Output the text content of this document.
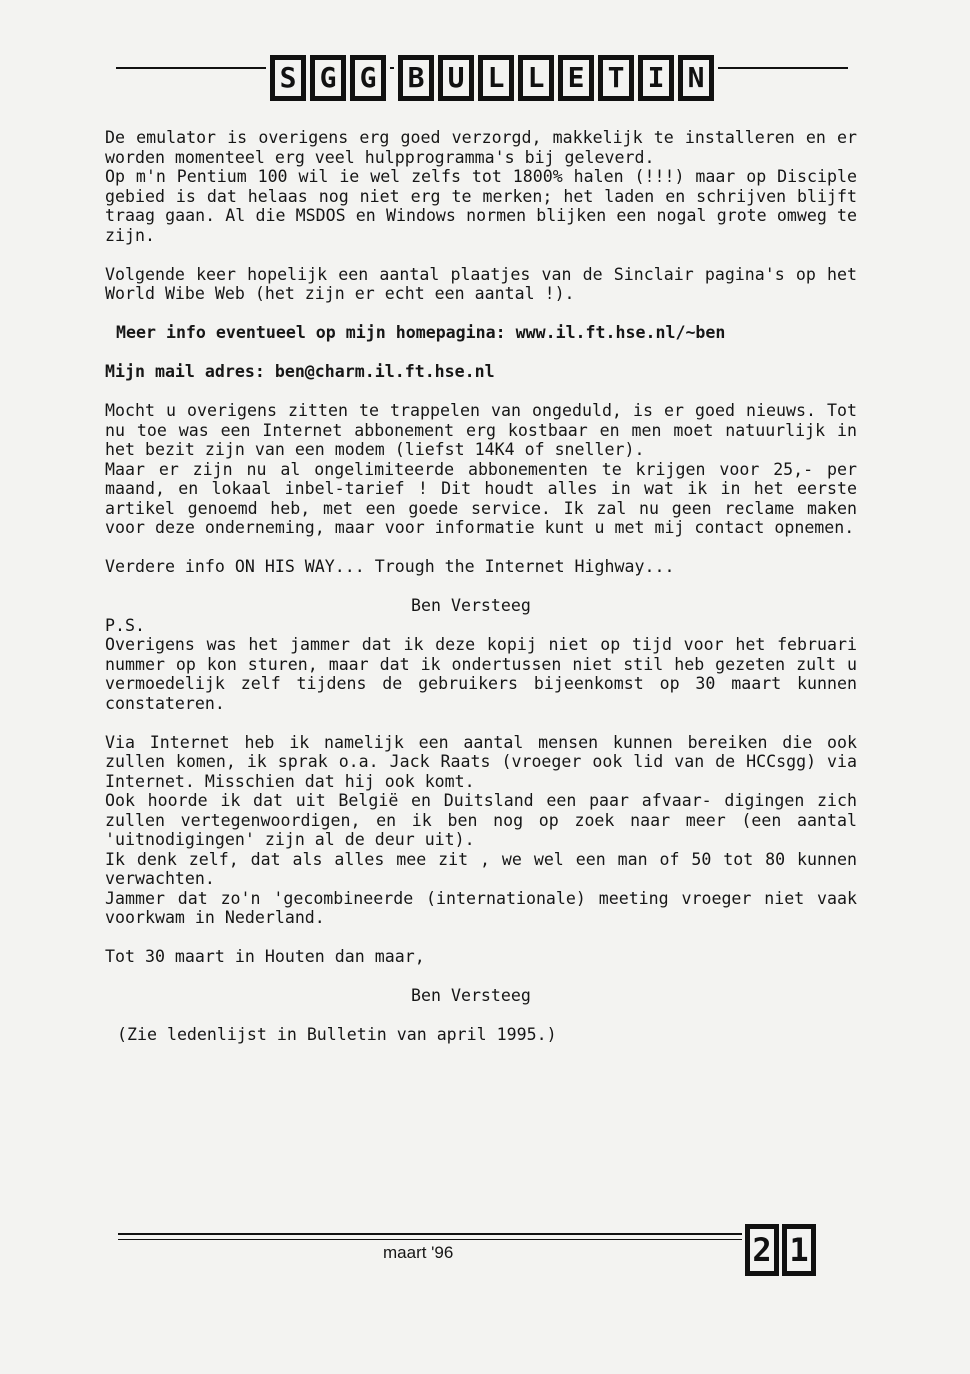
S G G	B U L L E T I N

De emulator is overigens erg goed verzorgd, makkelijk te installeren en er worden momenteel erg veel hulpprogramma's bij geleverd.

Op m'n Pentium 100 wil ie wel zelfs tot 1800% halen (!!!) maar op Disciple gebied is dat helaas nog niet erg te merken; het laden en schrijven blijft traag gaan. Al die MSDOS en Windows normen blijken een nogal grote omweg te zijn.

Volgende keer hopelijk een aantal plaatjes van de Sinclair pagina's op het World Wibe Web (het zijn er echt een aantal !).

Meer info eventueel op mijn homepagina: www.il.ft.hse.nl/~ben

Mijn mail adres: ben@charm.il.ft.hse.nl

Mocht u overigens zitten te trappelen van ongeduld, is er goed nieuws. Tot nu toe was een Internet abbonement erg kostbaar en men moet natuurlijk in het bezit zijn van een modem (liefst 14K4 of sneller).

Maar er zijn nu al ongelimiteerde abbonementen te krijgen voor 25,- per maand, en lokaal inbel-tarief ! Dit houdt alles in wat ik in het eerste artikel genoemd heb, met een goede service. Ik zal nu geen reclame maken voor deze onderneming, maar voor informatie kunt u met mij contact opnemen.

Verdere info ON HIS WAY... Trough the Internet Highway...

Ben Versteeg

P.S.

Overigens was het jammer dat ik deze kopij niet op tijd voor het februari nummer op kon sturen, maar dat ik ondertussen niet stil heb gezeten zult u vermoedelijk zelf tijdens de gebruikers bijeenkomst op 30 maart kunnen constateren.

Via Internet heb ik namelijk een aantal mensen kunnen bereiken die ook zullen komen, ik sprak o.a. Jack Raats (vroeger ook lid van de HCCsgg) via Internet. Misschien dat hij ook komt.

Ook hoorde ik dat uit België en Duitsland een paar afvaar- digingen zich zullen vertegenwoordigen, en ik ben nog op zoek naar meer (een aantal 'uitnodigingen' zijn al de deur uit).

Ik denk zelf, dat als alles mee zit , we wel een man of 50 tot 80 kunnen verwachten.

Jammer dat zo'n 'gecombineerde (internationale) meeting vroeger niet vaak voorkwam in Nederland.

Tot 30 maart in Houten dan maar,

Ben Versteeg

(Zie ledenlijst in Bulletin van april 1995.)

maart '96	2 1
